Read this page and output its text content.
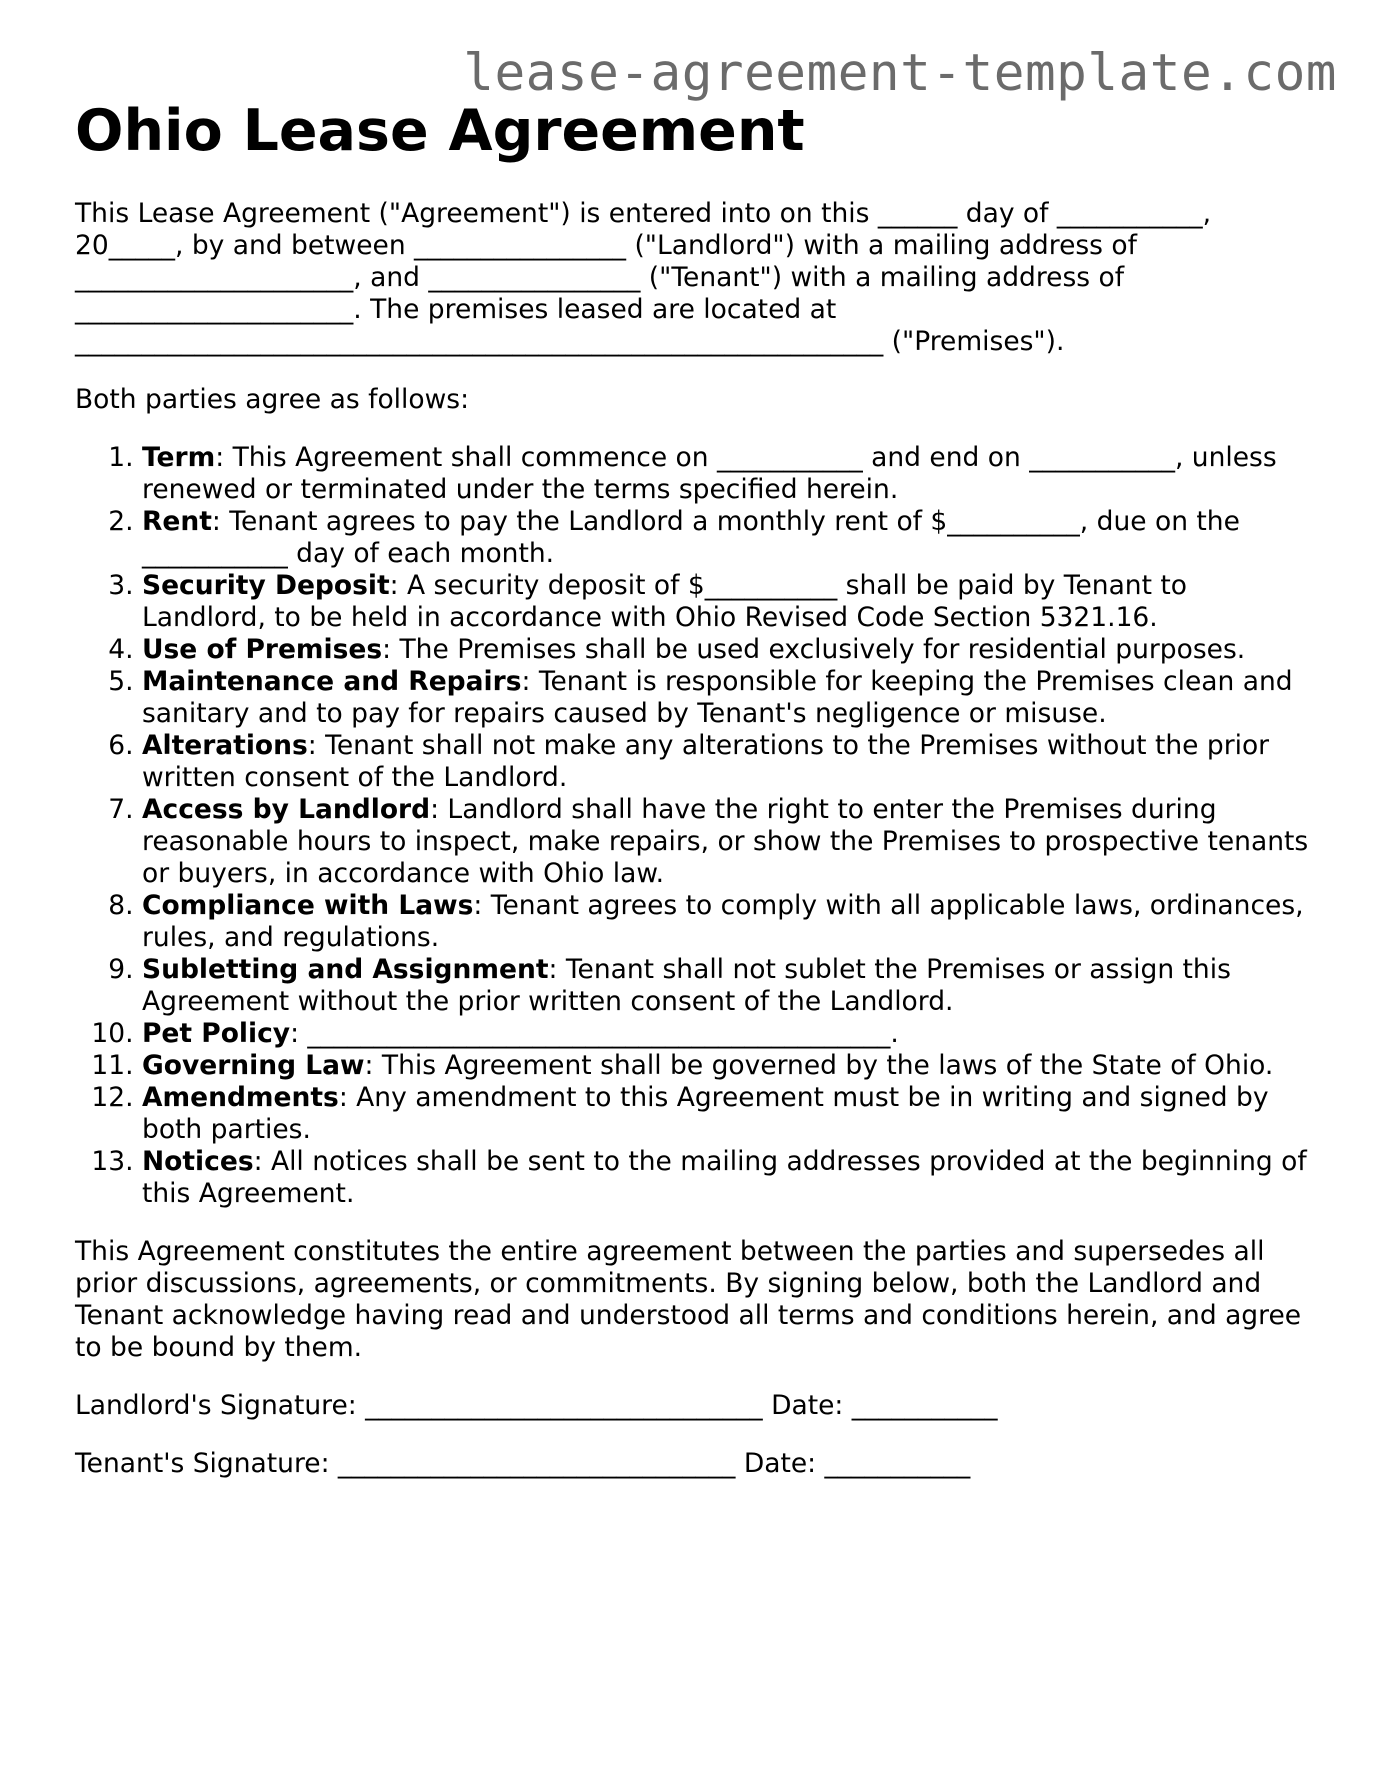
lease-agreement-template.com
Ohio Lease Agreement

This Lease Agreement ("Agreement") is entered into on this ______ day of ___________,
20_____, by and between ________________ ("Landlord") with a mailing address of
_____________________, and ________________ ("Tenant") with a mailing address of
_____________________. The premises leased are located at
_____________________________________________________________ ("Premises").

Both parties agree as follows:

1. Term: This Agreement shall commence on ___________ and end on ___________, unless renewed or terminated under the terms specified herein.
2. Rent: Tenant agrees to pay the Landlord a monthly rent of $__________, due on the ___________ day of each month.
3. Security Deposit: A security deposit of $__________ shall be paid by Tenant to Landlord, to be held in accordance with Ohio Revised Code Section 5321.16.
4. Use of Premises: The Premises shall be used exclusively for residential purposes.
5. Maintenance and Repairs: Tenant is responsible for keeping the Premises clean and sanitary and to pay for repairs caused by Tenant's negligence or misuse.
6. Alterations: Tenant shall not make any alterations to the Premises without the prior written consent of the Landlord.
7. Access by Landlord: Landlord shall have the right to enter the Premises during reasonable hours to inspect, make repairs, or show the Premises to prospective tenants or buyers, in accordance with Ohio law.
8. Compliance with Laws: Tenant agrees to comply with all applicable laws, ordinances, rules, and regulations.
9. Subletting and Assignment: Tenant shall not sublet the Premises or assign this Agreement without the prior written consent of the Landlord.
10. Pet Policy: ____________________________________________.
11. Governing Law: This Agreement shall be governed by the laws of the State of Ohio.
12. Amendments: Any amendment to this Agreement must be in writing and signed by both parties.
13. Notices: All notices shall be sent to the mailing addresses provided at the beginning of this Agreement.

This Agreement constitutes the entire agreement between the parties and supersedes all prior discussions, agreements, or commitments. By signing below, both the Landlord and Tenant acknowledge having read and understood all terms and conditions herein, and agree to be bound by them.

Landlord's Signature: ______________________________ Date: ___________

Tenant's Signature: ______________________________ Date: ___________
